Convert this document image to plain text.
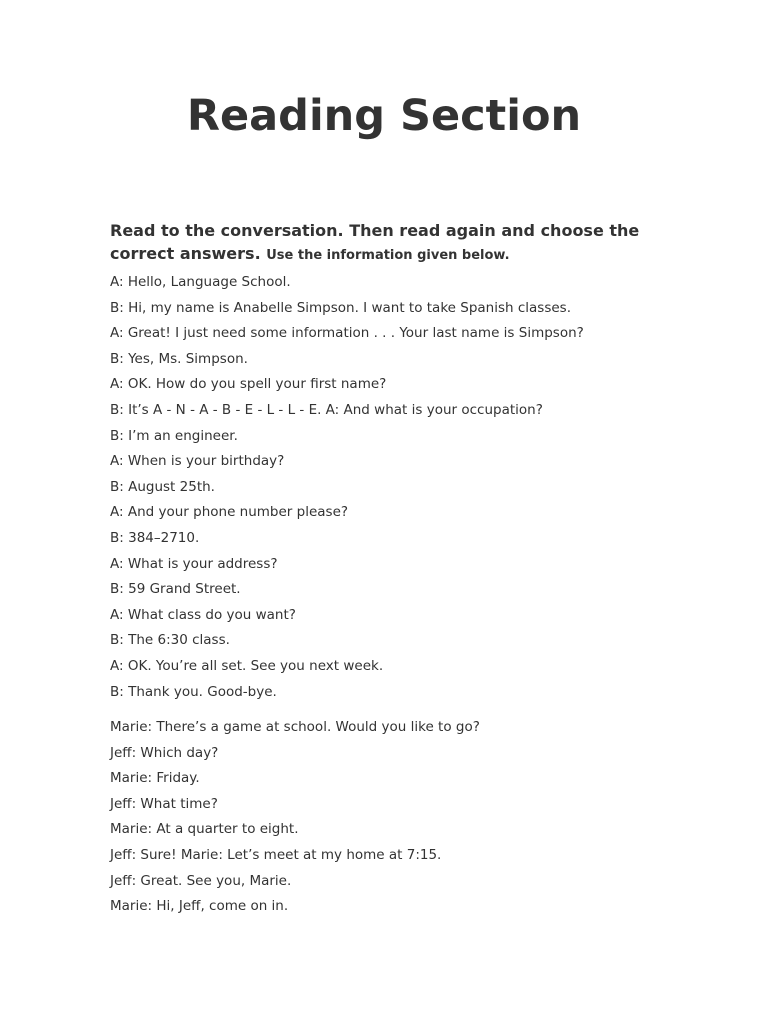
Reading Section

Read to the conversation. Then read again and choose the correct answers. Use the information given below.

A: Hello, Language School.
B: Hi, my name is Anabelle Simpson. I want to take Spanish classes.
A: Great! I just need some information . . . Your last name is Simpson?
B: Yes, Ms. Simpson.
A: OK. How do you spell your first name?
B: It’s A - N - A - B - E - L - L - E. A: And what is your occupation?
B: I’m an engineer.
A: When is your birthday?
B: August 25th.
A: And your phone number please?
B: 384–2710.
A: What is your address?
B: 59 Grand Street.
A: What class do you want?
B: The 6:30 class.
A: OK. You’re all set. See you next week.
B: Thank you. Good-bye.
Marie: There’s a game at school. Would you like to go?
Jeff: Which day?
Marie: Friday.
Jeff: What time?
Marie: At a quarter to eight.
Jeff: Sure! Marie: Let’s meet at my home at 7:15.
Jeff: Great. See you, Marie.
Marie: Hi, Jeff, come on in.
